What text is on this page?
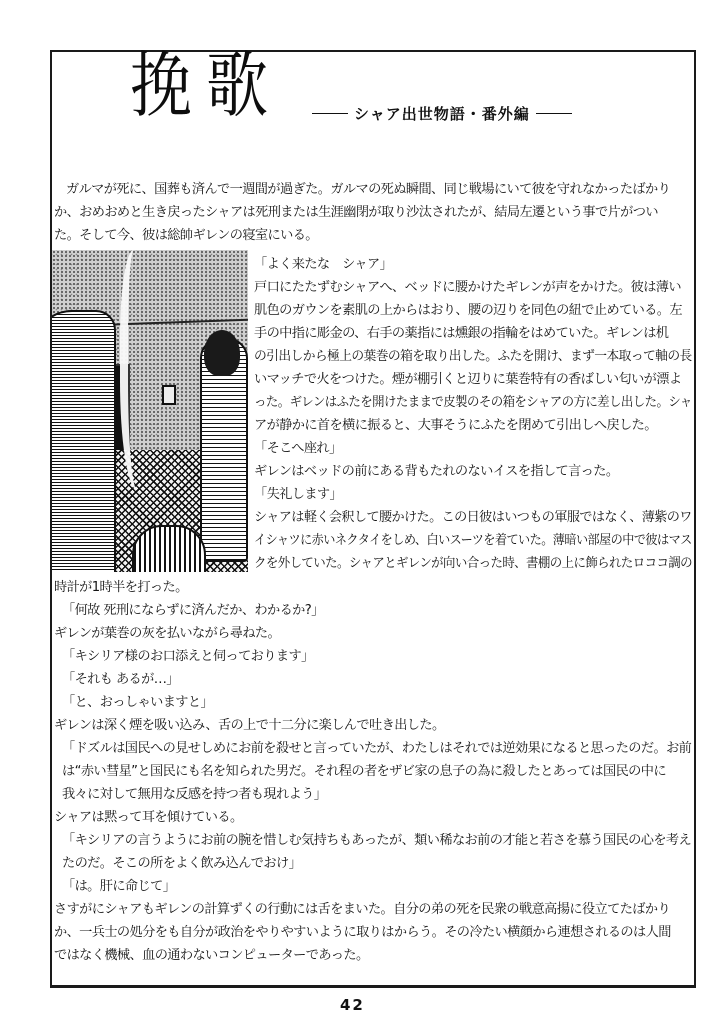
挽歌	シャア出世物語・番外編
ガルマが死に、国葬も済んで一週間が過ぎた。ガルマの死ぬ瞬間、同じ戦場にいて彼を守れなかったばかり
か、おめおめと生き戻ったシャアは死刑または生涯幽閉が取り沙汰されたが、結局左遷という事で片がつい
た。そして今、彼は総帥ギレンの寝室にいる。
「よく来たな　シャア」
戸口にたたずむシャアへ、ベッドに腰かけたギレンが声をかけた。彼は薄い
肌色のガウンを素肌の上からはおり、腰の辺りを同色の紐で止めている。左
手の中指に彫金の、右手の薬指には燻銀の指輪をはめていた。ギレンは机
の引出しから極上の葉巻の箱を取り出した。ふたを開け、まず一本取って軸の長
いマッチで火をつけた。煙が棚引くと辺りに葉巻特有の香ばしい匂いが漂よ
った。ギレンはふたを開けたままで皮製のその箱をシャアの方に差し出した。シャ
アが静かに首を横に振ると、大事そうにふたを閉めて引出しへ戻した。
「そこへ座れ」
ギレンはベッドの前にある背もたれのないイスを指して言った。
「失礼します」
シャアは軽く会釈して腰かけた。この日彼はいつもの軍服ではなく、薄紫のワ
イシャツに赤いネクタイをしめ、白いスーツを着ていた。薄暗い部屋の中で彼はマス
クを外していた。シャアとギレンが向い合った時、書棚の上に飾られたロココ調の
時計が1時半を打った。
「何故 死刑にならずに済んだか、わかるか?」
ギレンが葉巻の灰を払いながら尋ねた。
「キシリア様のお口添えと伺っております」
「それも あるが…」
「と、おっしゃいますと」
ギレンは深く煙を吸い込み、舌の上で十二分に楽しんで吐き出した。
「ドズルは国民への見せしめにお前を殺せと言っていたが、わたしはそれでは逆効果になると思ったのだ。お前
は“赤い彗星”と国民にも名を知られた男だ。それ程の者をザビ家の息子の為に殺したとあっては国民の中に
我々に対して無用な反感を持つ者も現れよう」
シャアは黙って耳を傾けている。
「キシリアの言うようにお前の腕を惜しむ気持ちもあったが、類い稀なお前の才能と若さを慕う国民の心を考え
たのだ。そこの所をよく飲み込んでおけ」
「は。肝に命じて」
さすがにシャアもギレンの計算ずくの行動には舌をまいた。自分の弟の死を民衆の戦意高揚に役立てたばかり
か、一兵士の処分をも自分が政治をやりやすいように取りはからう。その冷たい横顔から連想されるのは人間
ではなく機械、血の通わないコンピューターであった。
42
